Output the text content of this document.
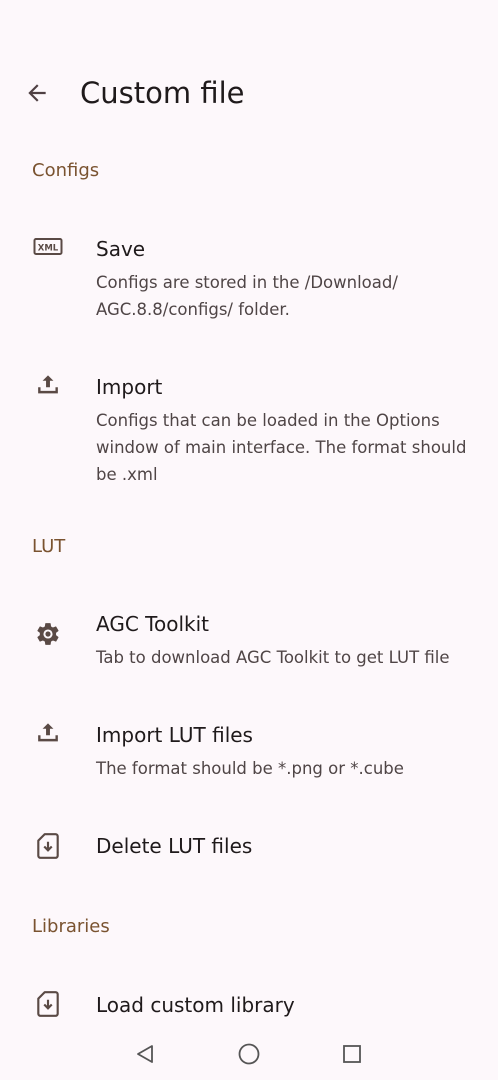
Custom file
Configs
XML Save
Configs are stored in the /Download/ AGC.8.8/configs/ folder.
Import
Configs that can be loaded in the Options window of main interface. The format should be .xml
LUT
AGC Toolkit
Tab to download AGC Toolkit to get LUT file
Import LUT files
The format should be *.png or *.cube
Delete LUT files
Libraries
Load custom library
